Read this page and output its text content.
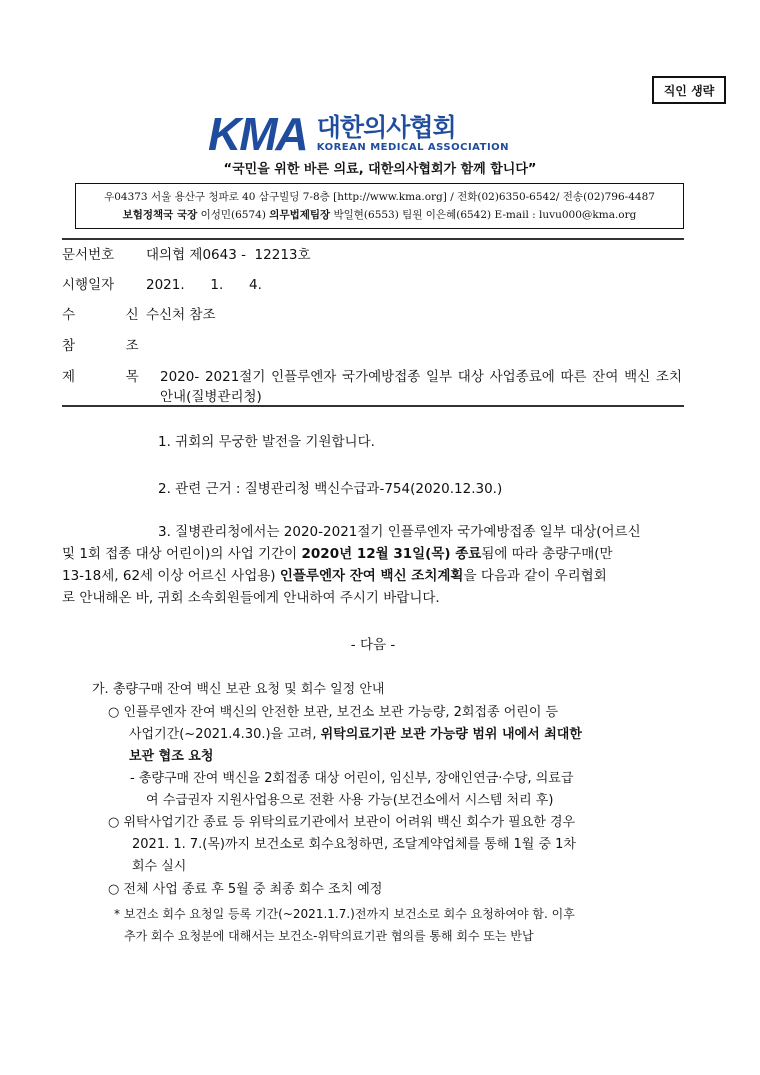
직인 생략
KMA 대한의사협회
KOREAN MEDICAL ASSOCIATION
“국민을 위한 바른 의료, 대한의사협회가 함께 합니다”
우04373 서울 용산구 청파로 40 삼구빌딩 7-8층 [http://www.kma.org] / 전화(02)6350-6542/ 전송(02)796-4487
보험정책국 국장 이성민(6574) 의무법제팀장 박일현(6553) 팀원 이은혜(6542) E-mail : luvu000@kma.org
문서번호 대의협 제0643 -  12213호
시행일자 2021.      1.      4.
수  신수신처 참조
참  조
제  목 2020- 2021절기 인플루엔자 국가예방접종 일부 대상 사업종료에 따른 잔여 백신 조치 안내(질병관리청)
1. 귀회의 무궁한 발전을 기원합니다.
2. 관련 근거 : 질병관리청 백신수급과-754(2020.12.30.)
3. 질병관리청에서는 2020-2021절기 인플루엔자 국가예방접종 일부 대상(어르신
및 1회 접종 대상 어린이)의 사업 기간이 2020년 12월 31일(목) 종료됨에 따라 총량구매(만
13-18세, 62세 이상 어르신 사업용) 인플루엔자 잔여 백신 조치계획을 다음과 같이 우리협회
로 안내해온 바, 귀회 소속회원들에게 안내하여 주시기 바랍니다.
- 다음 -
가. 총량구매 잔여 백신 보관 요청 및 회수 일정 안내
○ 인플루엔자 잔여 백신의 안전한 보관, 보건소 보관 가능량, 2회접종 어린이 등
사업기간(~2021.4.30.)을 고려, 위탁의료기관 보관 가능량 범위 내에서 최대한
보관 협조 요청
- 총량구매 잔여 백신을 2회접종 대상 어린이, 임신부, 장애인연금·수당, 의료급
여 수급권자 지원사업용으로 전환 사용 가능(보건소에서 시스템 처리 후)
○ 위탁사업기간 종료 등 위탁의료기관에서 보관이 어려워 백신 회수가 필요한 경우
2021. 1. 7.(목)까지 보건소로 회수요청하면, 조달계약업체를 통해 1월 중 1차
회수 실시
○ 전체 사업 종료 후 5월 중 최종 회수 조치 예정
* 보건소 회수 요청일 등록 기간(~2021.1.7.)전까지 보건소로 회수 요청하여야 함. 이후
추가 회수 요청분에 대해서는 보건소-위탁의료기관 협의를 통해 회수 또는 반납
